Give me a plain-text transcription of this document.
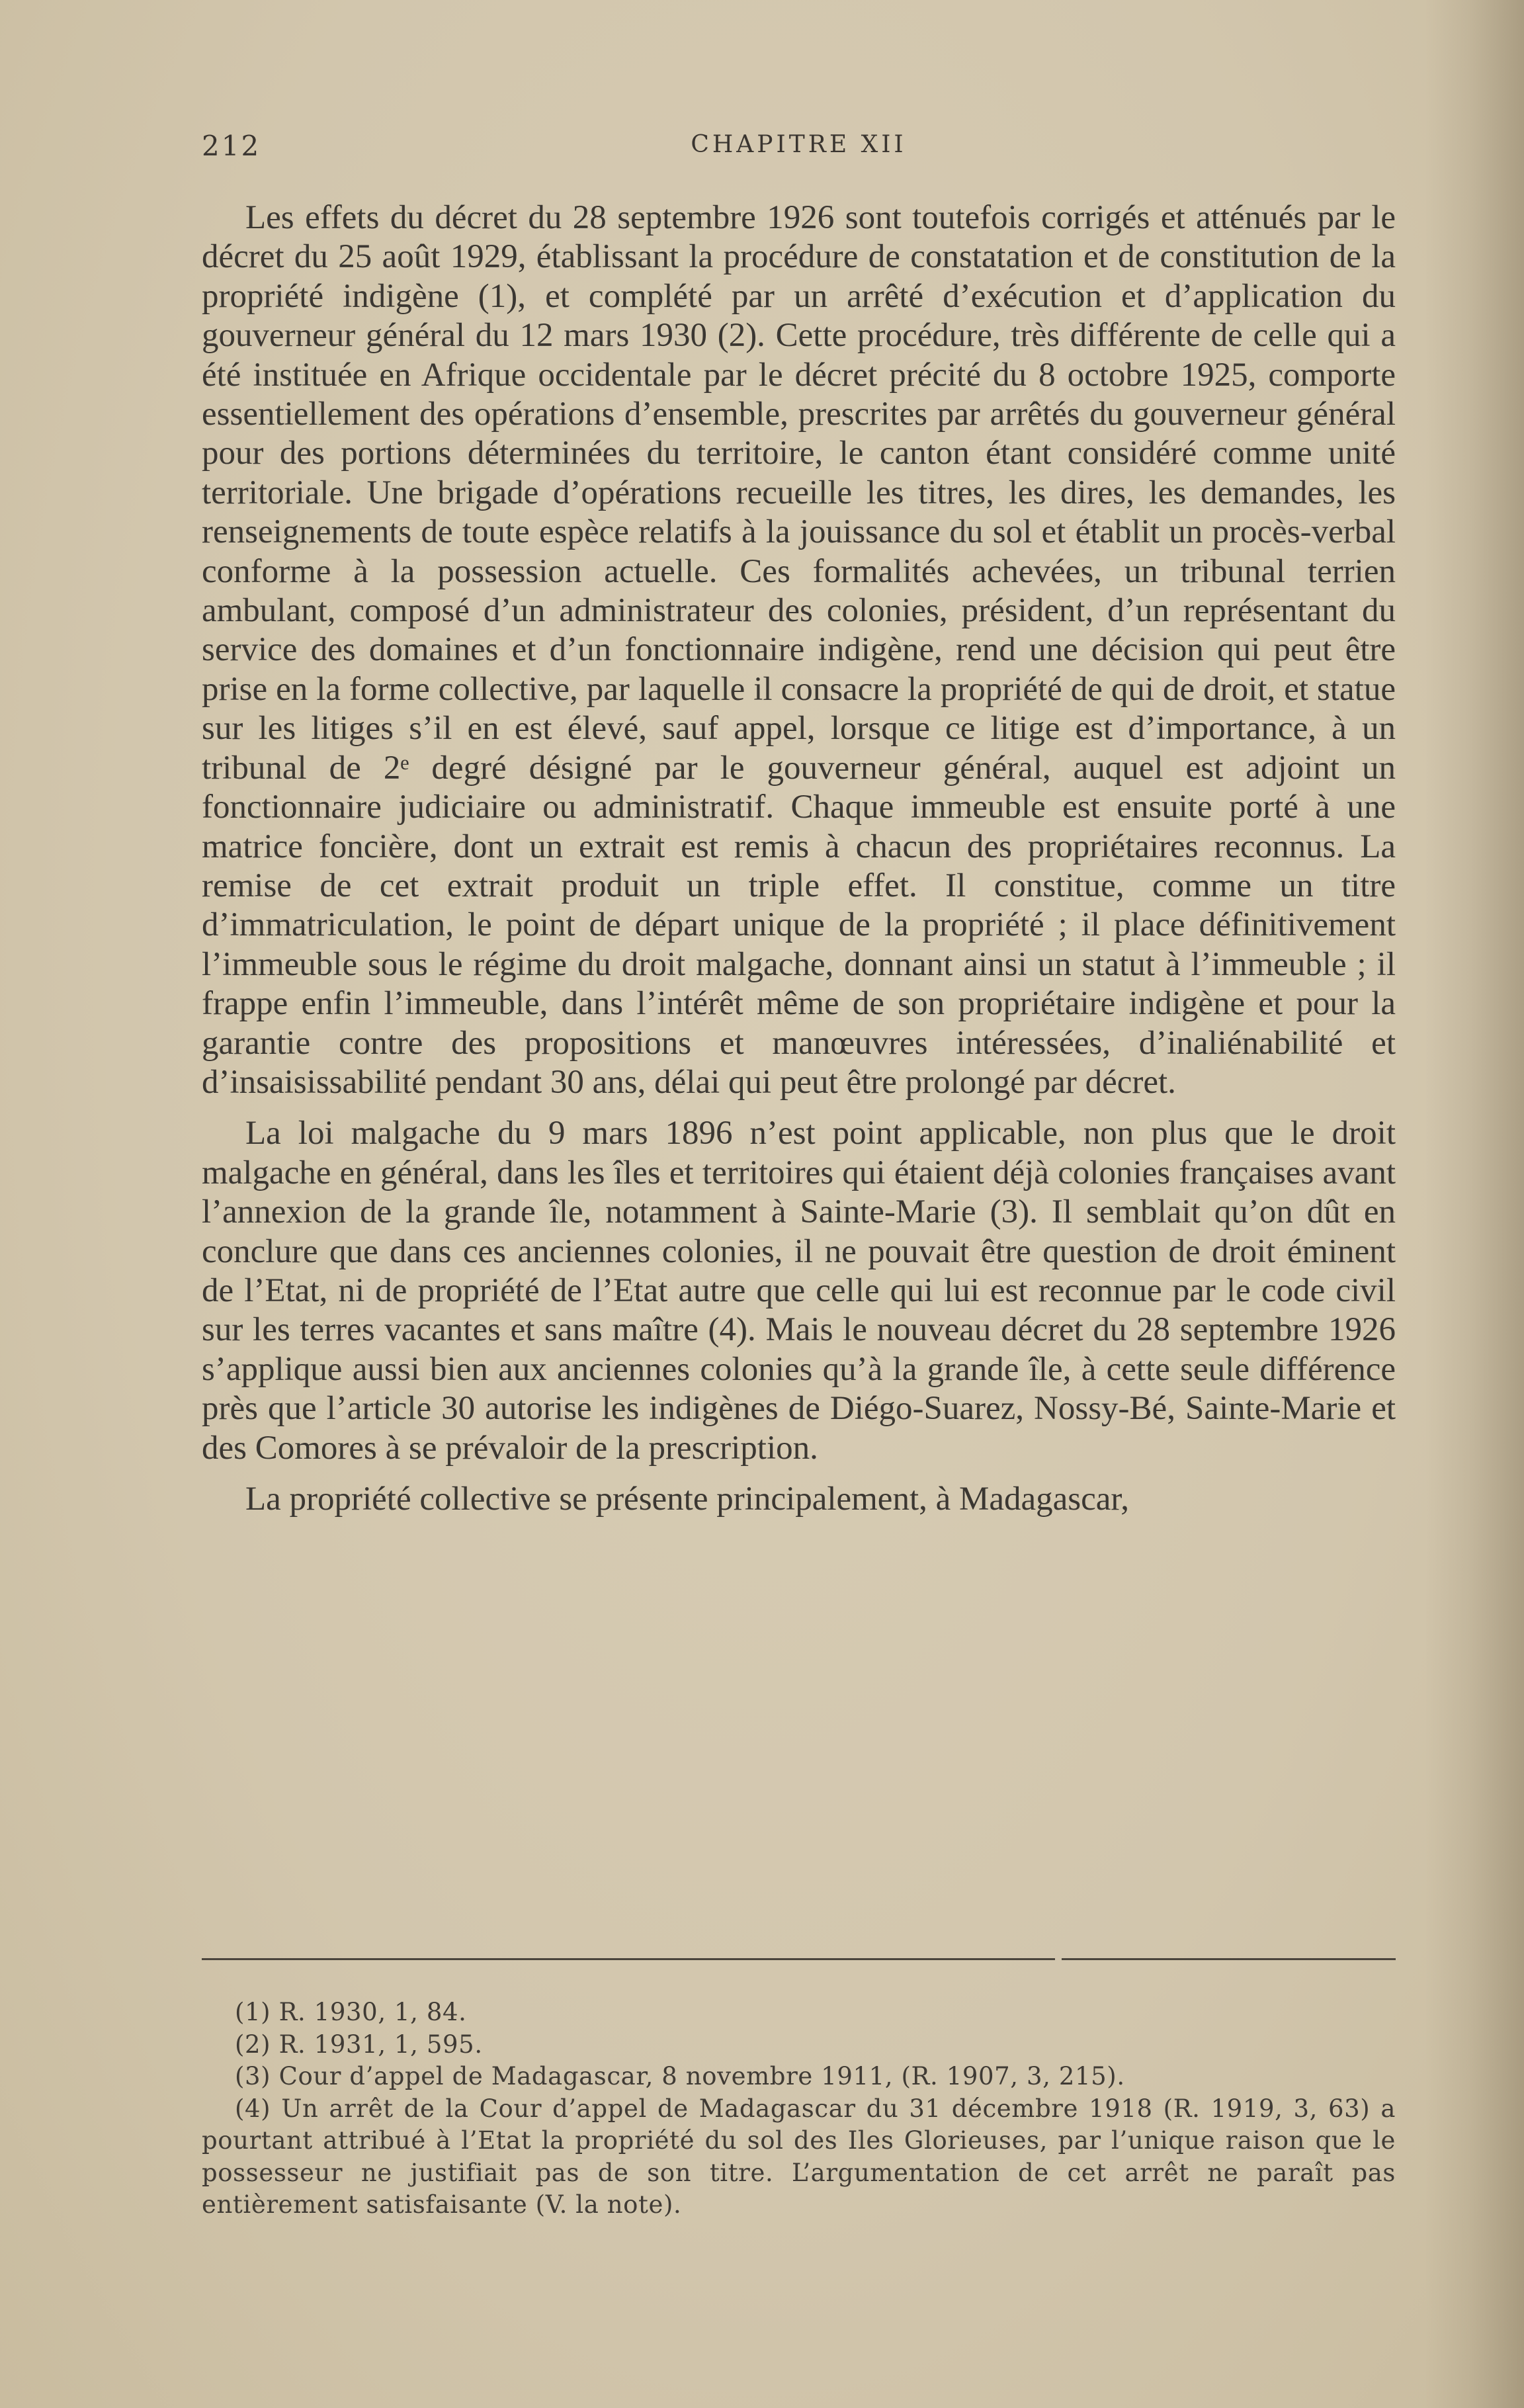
212	CHAPITRE XII

Les effets du décret du 28 septembre 1926 sont toutefois corrigés et atténués par le décret du 25 août 1929, établissant la procédure de constatation et de constitution de la propriété indigène (1), et complété par un arrêté d’exécution et d’application du gouverneur général du 12 mars 1930 (2). Cette procédure, très différente de celle qui a été instituée en Afrique occidentale par le décret précité du 8 octobre 1925, comporte essentiellement des opérations d’ensemble, prescrites par arrêtés du gouverneur général pour des portions déterminées du territoire, le canton étant considéré comme unité territoriale. Une brigade d’opérations recueille les titres, les dires, les demandes, les renseignements de toute espèce relatifs à la jouissance du sol et établit un procès-verbal conforme à la possession actuelle. Ces formalités achevées, un tribunal terrien ambulant, composé d’un administrateur des colonies, président, d’un représentant du service des domaines et d’un fonctionnaire indigène, rend une décision qui peut être prise en la forme collective, par laquelle il consacre la propriété de qui de droit, et statue sur les litiges s’il en est élevé, sauf appel, lorsque ce litige est d’importance, à un tribunal de 2ᵉ degré désigné par le gouverneur général, auquel est adjoint un fonctionnaire judiciaire ou administratif. Chaque immeuble est ensuite porté à une matrice foncière, dont un extrait est remis à chacun des propriétaires reconnus. La remise de cet extrait produit un triple effet. Il constitue, comme un titre d’immatriculation, le point de départ unique de la propriété ; il place définitivement l’immeuble sous le régime du droit malgache, donnant ainsi un statut à l’immeuble ; il frappe enfin l’immeuble, dans l’intérêt même de son propriétaire indigène et pour la garantie contre des propositions et manœuvres intéressées, d’inaliénabilité et d’insaisissabilité pendant 30 ans, délai qui peut être prolongé par décret.

La loi malgache du 9 mars 1896 n’est point applicable, non plus que le droit malgache en général, dans les îles et territoires qui étaient déjà colonies françaises avant l’annexion de la grande île, notamment à Sainte-Marie (3). Il semblait qu’on dût en conclure que dans ces anciennes colonies, il ne pouvait être question de droit éminent de l’Etat, ni de propriété de l’Etat autre que celle qui lui est reconnue par le code civil sur les terres vacantes et sans maître (4). Mais le nouveau décret du 28 septembre 1926 s’applique aussi bien aux anciennes colonies qu’à la grande île, à cette seule différence près que l’article 30 autorise les indigènes de Diégo-Suarez, Nossy-Bé, Sainte-Marie et des Comores à se prévaloir de la prescription.

La propriété collective se présente principalement, à Madagascar,

(1) R. 1930, 1, 84.

(2) R. 1931, 1, 595.

(3) Cour d’appel de Madagascar, 8 novembre 1911, (R. 1907, 3, 215).

(4) Un arrêt de la Cour d’appel de Madagascar du 31 décembre 1918 (R. 1919, 3, 63) a pourtant attribué à l’Etat la propriété du sol des Iles Glorieuses, par l’unique raison que le possesseur ne justifiait pas de son titre. L’argumentation de cet arrêt ne paraît pas entièrement satisfaisante (V. la note).
